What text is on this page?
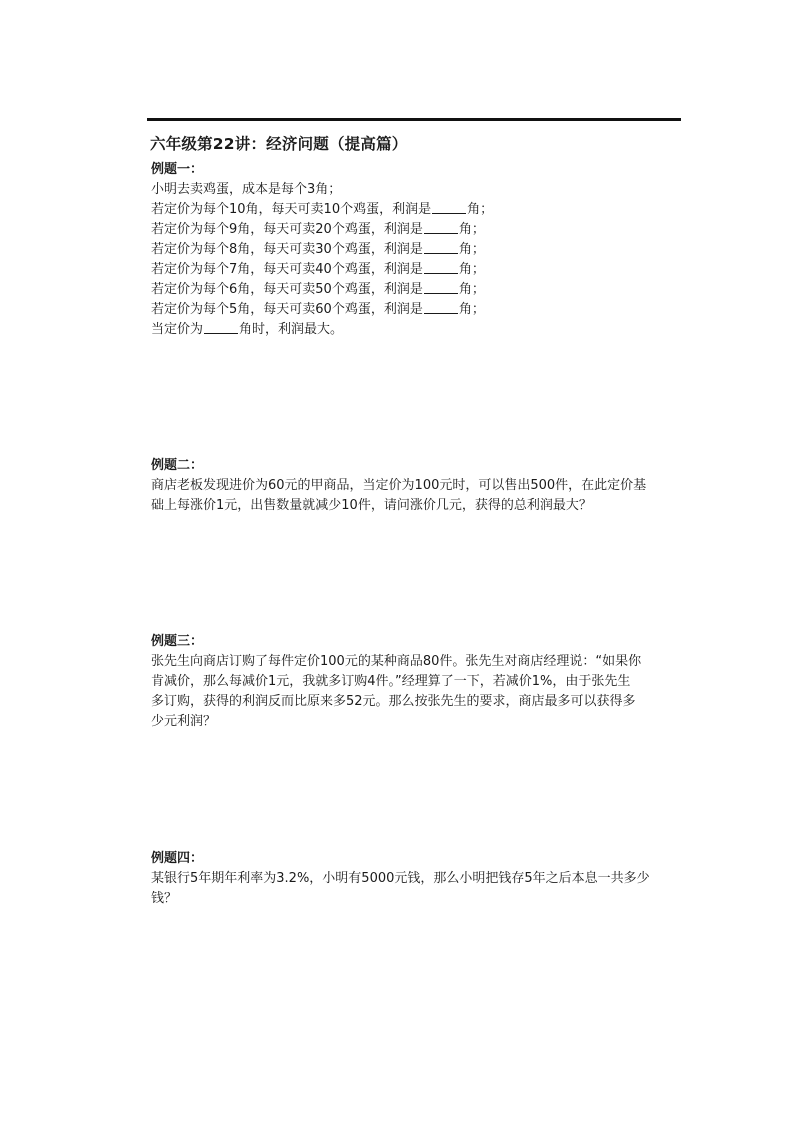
六年级第22讲：经济问题（提高篇）
例题一：
小明去卖鸡蛋，成本是每个3角；
若定价为每个10角，每天可卖10个鸡蛋，利润是	角；
若定价为每个9角，每天可卖20个鸡蛋，利润是	角；
若定价为每个8角，每天可卖30个鸡蛋，利润是	角；
若定价为每个7角，每天可卖40个鸡蛋，利润是	角；
若定价为每个6角，每天可卖50个鸡蛋，利润是	角；
若定价为每个5角，每天可卖60个鸡蛋，利润是	角；
当定价为	角时，利润最大。
例题二：
商店老板发现进价为60元的甲商品，当定价为100元时，可以售出500件，在此定价基
础上每涨价1元，出售数量就减少10件，请问涨价几元，获得的总利润最大？
例题三：
张先生向商店订购了每件定价100元的某种商品80件。张先生对商店经理说：“如果你
肯减价，那么每减价1元，我就多订购4件。”经理算了一下，若减价1%，由于张先生
多订购，获得的利润反而比原来多52元。那么按张先生的要求，商店最多可以获得多
少元利润？
例题四：
某银行5年期年利率为3.2%，小明有5000元钱，那么小明把钱存5年之后本息一共多少
钱？
